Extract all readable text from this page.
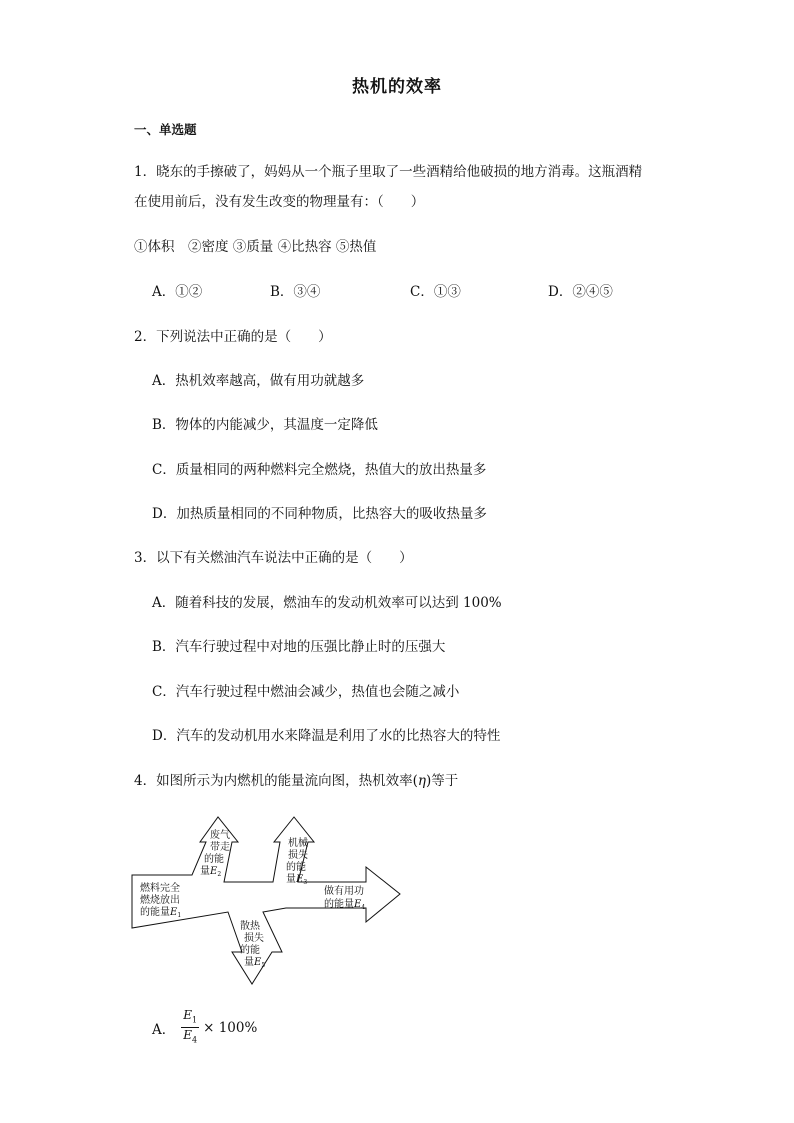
热机的效率
一、单选题
1．晓东的手擦破了，妈妈从一个瓶子里取了一些酒精给他破损的地方消毒。这瓶酒精
在使用前后，没有发生改变的物理量有：（　　）
①体积　②密度 ③质量 ④比热容 ⑤热值
A．①②	B．③④	C．①③	D．②④⑤
2．下列说法中正确的是（　　）
A．热机效率越高，做有用功就越多
B．物体的内能减少，其温度一定降低
C．质量相同的两种燃料完全燃烧，热值大的放出热量多
D．加热质量相同的不同种物质，比热容大的吸收热量多
3．以下有关燃油汽车说法中正确的是（　　）
A．随着科技的发展，燃油车的发动机效率可以达到 100%
B．汽车行驶过程中对地的压强比静止时的压强大
C．汽车行驶过程中燃油会减少，热值也会随之减小
D．汽车的发动机用水来降温是利用了水的比热容大的特性
4．如图所示为内燃机的能量流向图，热机效率(η)等于
燃料完全
燃烧放出
的能量$E_1$
废气
带走
的能
量$E_2$
机械
损失
的能
量$E_3$
做有用功
的能量$E_4$
散热
损失
的能
量$E_5$
A． $\frac{E_1}{E_4} \times 100\%$
